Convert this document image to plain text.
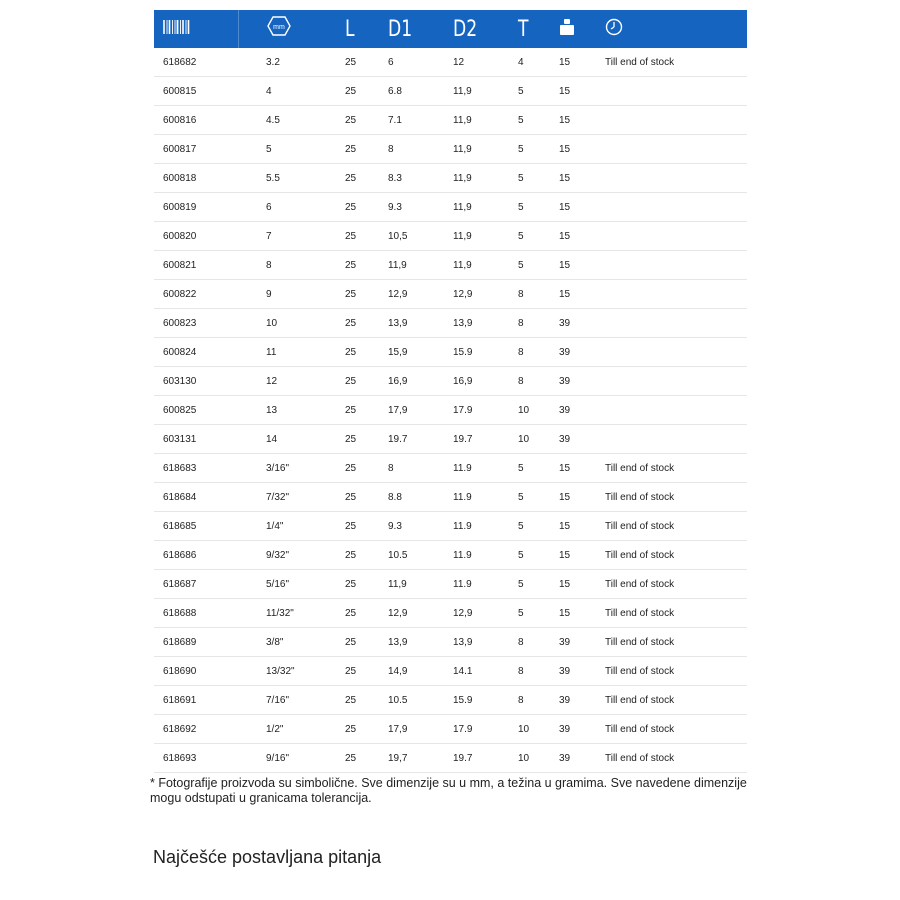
mm	L	D1	D2	T		
618682	3.2	25	6	12	4	15	Till end of stock
600815	4	25	6.8	11,9	5	15	
600816	4.5	25	7.1	11,9	5	15	
600817	5	25	8	11,9	5	15	
600818	5.5	25	8.3	11,9	5	15	
600819	6	25	9.3	11,9	5	15	
600820	7	25	10,5	11,9	5	15	
600821	8	25	11,9	11,9	5	15	
600822	9	25	12,9	12,9	8	15	
600823	10	25	13,9	13,9	8	39	
600824	11	25	15,9	15.9	8	39	
603130	12	25	16,9	16,9	8	39	
600825	13	25	17,9	17.9	10	39	
603131	14	25	19.7	19.7	10	39	
618683	3/16"	25	8	11.9	5	15	Till end of stock
618684	7/32"	25	8.8	11.9	5	15	Till end of stock
618685	1/4"	25	9.3	11.9	5	15	Till end of stock
618686	9/32"	25	10.5	11.9	5	15	Till end of stock
618687	5/16"	25	11,9	11.9	5	15	Till end of stock
618688	11/32"	25	12,9	12,9	5	15	Till end of stock
618689	3/8"	25	13,9	13,9	8	39	Till end of stock
618690	13/32"	25	14,9	14.1	8	39	Till end of stock
618691	7/16"	25	10.5	15.9	8	39	Till end of stock
618692	1/2"	25	17,9	17.9	10	39	Till end of stock
618693	9/16"	25	19,7	19.7	10	39	Till end of stock
* Fotografije proizvoda su simbolične. Sve dimenzije su u mm, a težina u gramima. Sve navedene dimenzije mogu odstupati u granicama tolerancija.
Najčešće postavljana pitanja
